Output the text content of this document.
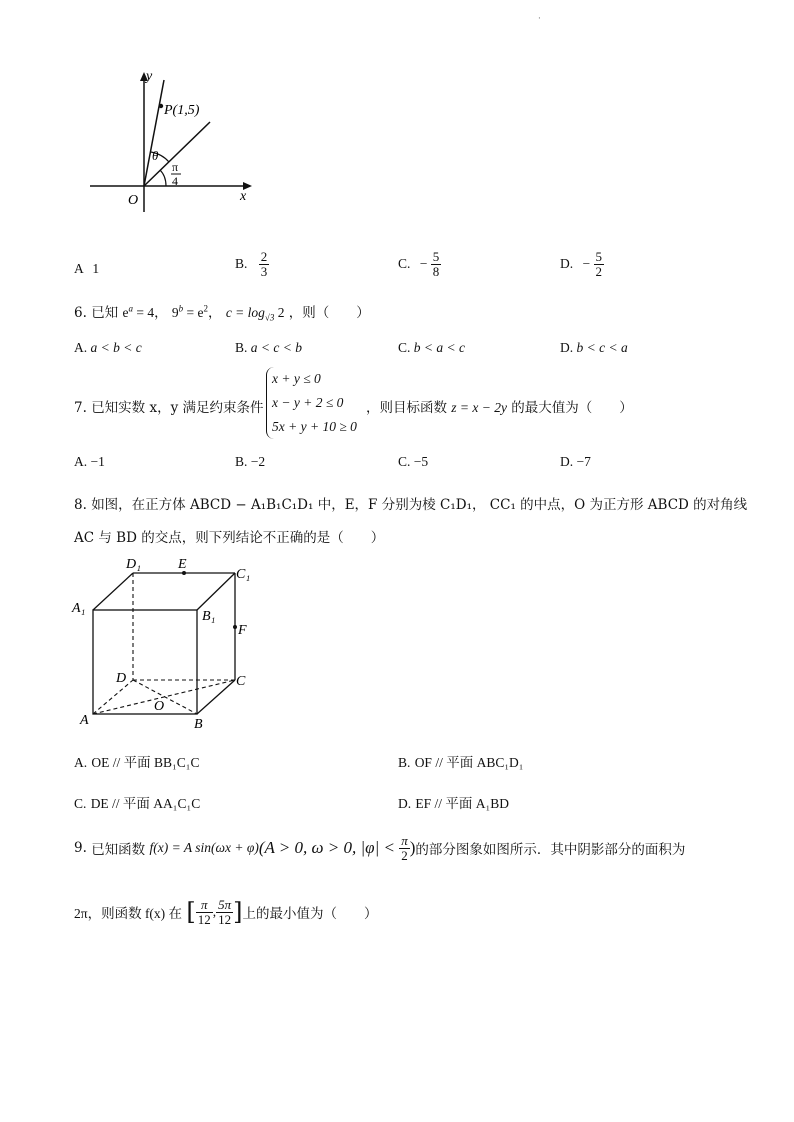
·
y
x
O
P(1,5)
θ
π
4
A 1	B. $\frac{2}{3}$	C. − $\frac{5}{8}$	D. − $\frac{5}{2}$
6. 已知 $e^a = 4$， $9^b = e^2$， $c = \log_{√3} 2$ ，则（　　）
A. a < b < c	B. a < c < b	C. b < a < c	D. b < c < a
7. 已知实数 x，y 满足约束条件
x + y ≤ 0
x − y + 2 ≤ 0
5x + y + 10 ≥ 0
，则目标函数 z = x − 2y 的最大值为（　　）
A. −1	B. −2	C. −5	D. −7
8. 如图，在正方体 ABCD − A₁B₁C₁D₁ 中，E，F 分别为棱 C₁D₁， CC₁ 的中点，O 为正方形 ABCD 的对角线
AC 与 BD 的交点，则下列结论不正确的是（　　）
D₁	E
C₁
A₁
B₁
F
D	C
O
A	B
A. OE // 平面 BB₁C₁C	B. OF // 平面 ABC₁D₁
C. DE // 平面 AA₁C₁C	D. EF // 平面 A₁BD
9. 已知函数 f(x) = A sin(ωx + φ)(A > 0, ω > 0, $|\varphi| < \frac{\pi}{2}$ )的部分图象如图所示．其中阴影部分的面积为
2π，则函数 f(x) 在 [ $\frac{\pi}{12}$ , $\frac{5\pi}{12}$ ]上的最小值为（　　）
